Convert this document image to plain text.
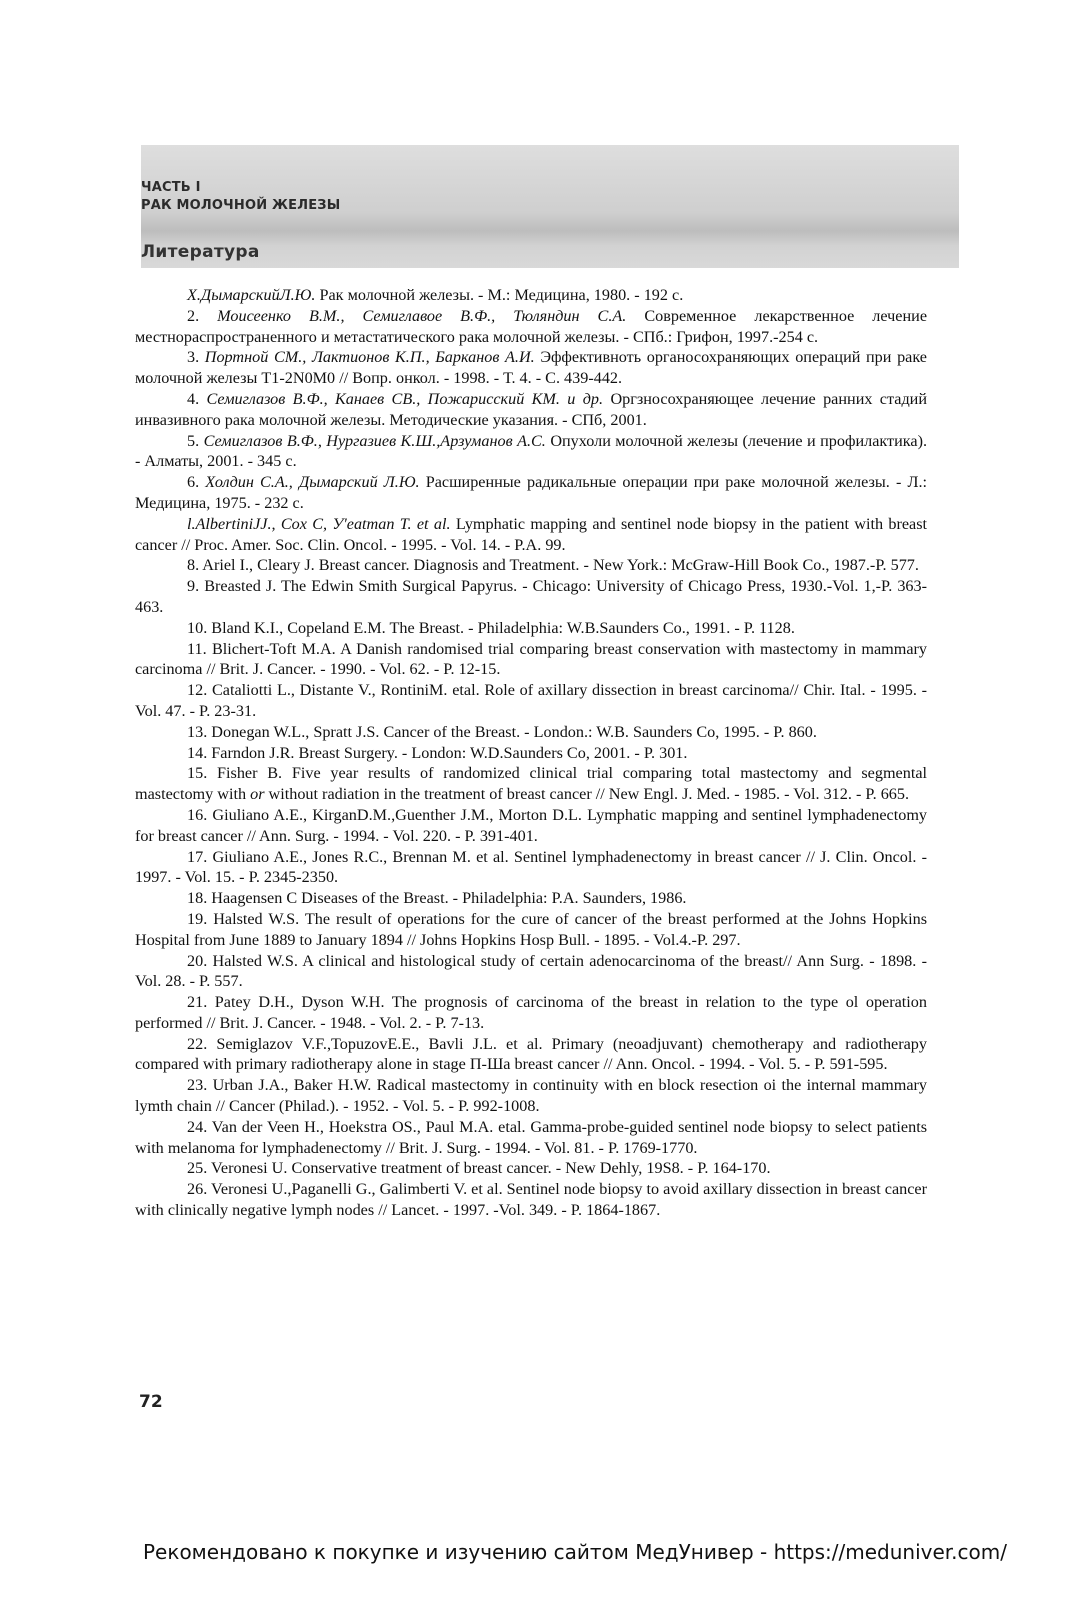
ЧАСТЬ I

РАК МОЛОЧНОЙ ЖЕЛЕЗЫ

Литература

Х.ДымарскийЛ.Ю. Рак молочной железы. - М.: Медицина, 1980. - 192 с.

2. Моисеенко В.М., Семиглавое В.Ф., Тюляндин С.А. Современное лекарственное лечение местнораспространенного и метастатического рака молочной железы. - СПб.: Грифон, 1997.-254 с.

3. Портной СМ., Лактионов К.П., Барканов А.И. Эффективноть органосохраняющих операций при раке молочной железы T1-2N0M0 // Вопр. онкол. - 1998. - Т. 4. - С. 439-442.

4. Семиглазов В.Ф., Канаев СВ., Пожарисский КМ. и др. Оргзносохраняющее лечение ранних стадий инвазивного рака молочной железы. Методические указания. - СПб, 2001.

5. Семиглазов В.Ф., Нургазиев К.Ш.,Арзуманов А.С. Опухоли молочной железы (лечение и профилактика). - Алматы, 2001. - 345 с.

6. Холдин С.А., Дымарский Л.Ю. Расширенные радикальные операции при раке молочной железы. - Л.: Медицина, 1975. - 232 с.

l.AlbertiniJJ., Cox C, У'eatman T. et al. Lymphatic mapping and sentinel node biopsy in the patient with breast cancer // Proc. Amer. Soc. Clin. Oncol. - 1995. - Vol. 14. - P.A. 99.

8. Ariel I., Cleary J. Breast cancer. Diagnosis and Treatment. - New York.: McGraw-Hill Book Co., 1987.-P. 577.

9. Breasted J. The Edwin Smith Surgical Papyrus. - Chicago: University of Chicago Press, 1930.-Vol. 1,-P. 363-463.

10. Bland K.I., Copeland E.M. The Breast. - Philadelphia: W.B.Saunders Co., 1991. - P. 1128.

11. Blichert-Toft M.A. A Danish randomised trial comparing breast conservation with mastectomy in mammary carcinoma // Brit. J. Cancer. - 1990. - Vol. 62. - P. 12-15.

12. Cataliotti L., Distante V., RontiniM. etal. Role of axillary dissection in breast carcinoma// Chir. Ital. - 1995. -Vol. 47. - P. 23-31.

13. Donegan W.L., Spratt J.S. Cancer of the Breast. - London.: W.B. Saunders Co, 1995. - P. 860.

14. Farndon J.R. Breast Surgery. - London: W.D.Saunders Co, 2001. - P. 301.

15. Fisher B. Five year results of randomized clinical trial comparing total mastectomy and segmental mastectomy with or without radiation in the treatment of breast cancer // New Engl. J. Med. - 1985. - Vol. 312. - P. 665.

16. Giuliano A.E., KirganD.M.,Guenther J.M., Morton D.L. Lymphatic mapping and sentinel lymphadenectomy for breast cancer // Ann. Surg. - 1994. - Vol. 220. - P. 391-401.

17. Giuliano A.E., Jones R.C., Brennan M. et al. Sentinel lymphadenectomy in breast cancer // J. Clin. Oncol. - 1997. - Vol. 15. - P. 2345-2350.

18. Haagensen C Diseases of the Breast. - Philadelphia: P.A. Saunders, 1986.

19. Halsted W.S. The result of operations for the cure of cancer of the breast performed at the Johns Hopkins Hospital from June 1889 to January 1894 // Johns Hopkins Hosp Bull. - 1895. - Vol.4.-P. 297.

20. Halsted W.S. A clinical and histological study of certain adenocarcinoma of the breast// Ann Surg. - 1898. - Vol. 28. - P. 557.

21. Patey D.H., Dyson W.H. The prognosis of carcinoma of the breast in relation to the type ol operation performed // Brit. J. Cancer. - 1948. - Vol. 2. - P. 7-13.

22. Semiglazov V.F.,TopuzovE.E., Bavli J.L. et al. Primary (neoadjuvant) chemotherapy and radiotherapy compared with primary radiotherapy alone in stage П-Ша breast cancer // Ann. Oncol. - 1994. - Vol. 5. - P. 591-595.

23. Urban J.A., Baker H.W. Radical mastectomy in continuity with en block resection oi the internal mammary lymth chain // Cancer (Philad.). - 1952. - Vol. 5. - P. 992-1008.

24. Van der Veen H., Hoekstra OS., Paul M.A. etal. Gamma-probe-guided sentinel node biopsy to select patients with melanoma for lymphadenectomy // Brit. J. Surg. - 1994. - Vol. 81. - P. 1769-1770.

25. Veronesi U. Conservative treatment of breast cancer. - New Dehly, 19S8. - P. 164-170.

26. Veronesi U.,Paganelli G., Galimberti V. et al. Sentinel node biopsy to avoid axillary dissection in breast cancer with clinically negative lymph nodes // Lancet. - 1997. -Vol. 349. - P. 1864-1867.

72
Рекомендовано к покупке и изучению сайтом МедУнивер - https://meduniver.com/
